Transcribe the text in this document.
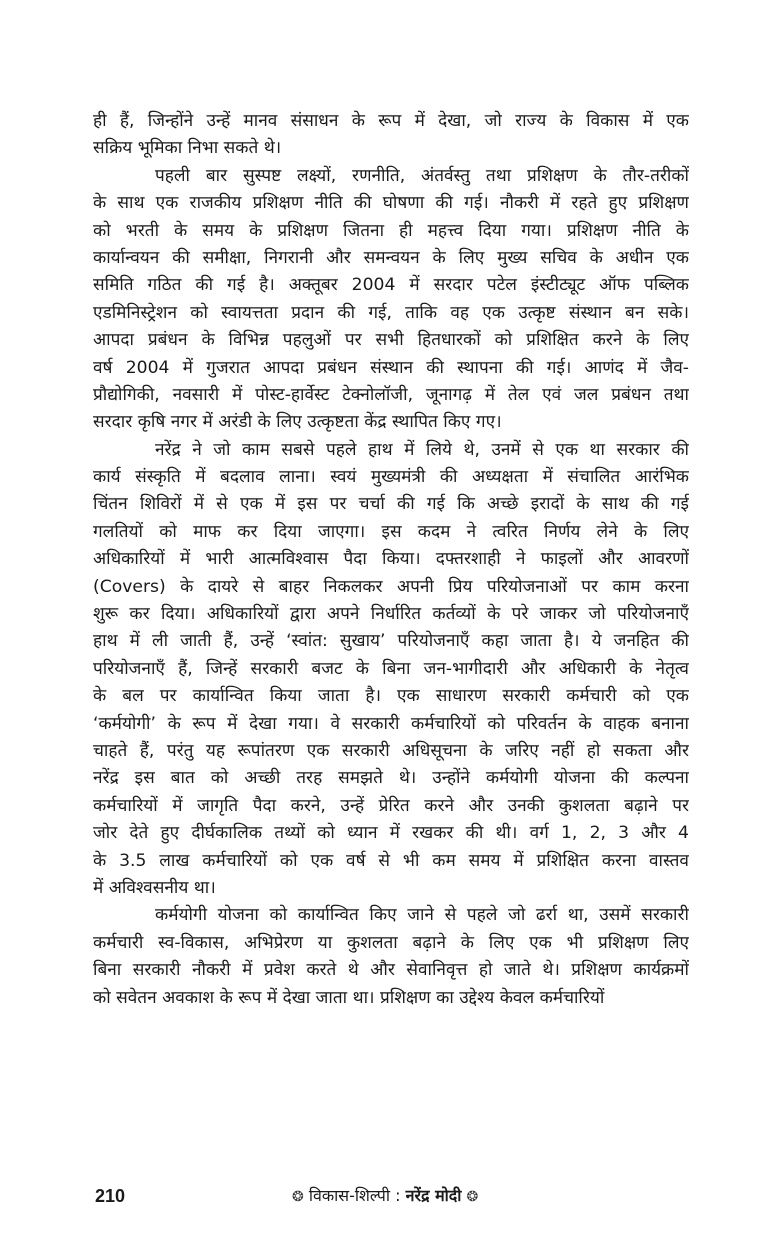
ही हैं, जिन्होंने उन्हें मानव संसाधन के रूप में देखा, जो राज्य के विकास में एक
सक्रिय भूमिका निभा सकते थे।
पहली बार सुस्पष्ट लक्ष्यों, रणनीति, अंतर्वस्तु तथा प्रशिक्षण के तौर-तरीकों
के साथ एक राजकीय प्रशिक्षण नीति की घोषणा की गई। नौकरी में रहते हुए प्रशिक्षण
को भरती के समय के प्रशिक्षण जितना ही महत्त्व दिया गया। प्रशिक्षण नीति के
कार्यान्वयन की समीक्षा, निगरानी और समन्वयन के लिए मुख्य सचिव के अधीन एक
समिति गठित की गई है। अक्तूबर 2004 में सरदार पटेल इंस्टीट्यूट ऑफ पब्लिक
एडमिनिस्ट्रेशन को स्वायत्तता प्रदान की गई, ताकि वह एक उत्कृष्ट संस्थान बन सके।
आपदा प्रबंधन के विभिन्न पहलुओं पर सभी हितधारकों को प्रशिक्षित करने के लिए
वर्ष 2004 में गुजरात आपदा प्रबंधन संस्थान की स्थापना की गई। आणंद में जैव-
प्रौद्योगिकी, नवसारी में पोस्ट-हार्वेस्ट टेक्नोलॉजी, जूनागढ़ में तेल एवं जल प्रबंधन तथा
सरदार कृषि नगर में अरंडी के लिए उत्कृष्टता केंद्र स्थापित किए गए।
नरेंद्र ने जो काम सबसे पहले हाथ में लिये थे, उनमें से एक था सरकार की
कार्य संस्कृति में बदलाव लाना। स्वयं मुख्यमंत्री की अध्यक्षता में संचालित आरंभिक
चिंतन शिविरों में से एक में इस पर चर्चा की गई कि अच्छे इरादों के साथ की गई
गलतियों को माफ कर दिया जाएगा। इस कदम ने त्वरित निर्णय लेने के लिए
अधिकारियों में भारी आत्मविश्वास पैदा किया। दफ्तरशाही ने फाइलों और आवरणों
(Covers) के दायरे से बाहर निकलकर अपनी प्रिय परियोजनाओं पर काम करना
शुरू कर दिया। अधिकारियों द्वारा अपने निर्धारित कर्तव्यों के परे जाकर जो परियोजनाएँ
हाथ में ली जाती हैं, उन्हें ‘स्वांत: सुखाय’ परियोजनाएँ कहा जाता है। ये जनहित की
परियोजनाएँ हैं, जिन्हें सरकारी बजट के बिना जन-भागीदारी और अधिकारी के नेतृत्व
के बल पर कार्यान्वित किया जाता है। एक साधारण सरकारी कर्मचारी को एक
‘कर्मयोगी’ के रूप में देखा गया। वे सरकारी कर्मचारियों को परिवर्तन के वाहक बनाना
चाहते हैं, परंतु यह रूपांतरण एक सरकारी अधिसूचना के जरिए नहीं हो सकता और
नरेंद्र इस बात को अच्छी तरह समझते थे। उन्होंने कर्मयोगी योजना की कल्पना
कर्मचारियों में जागृति पैदा करने, उन्हें प्रेरित करने और उनकी कुशलता बढ़ाने पर
जोर देते हुए दीर्घकालिक तथ्यों को ध्यान में रखकर की थी। वर्ग 1, 2, 3 और 4
के 3.5 लाख कर्मचारियों को एक वर्ष से भी कम समय में प्रशिक्षित करना वास्तव
में अविश्वसनीय था।
कर्मयोगी योजना को कार्यान्वित किए जाने से पहले जो ढर्रा था, उसमें सरकारी
कर्मचारी स्व-विकास, अभिप्रेरण या कुशलता बढ़ाने के लिए एक भी प्रशिक्षण लिए
बिना सरकारी नौकरी में प्रवेश करते थे और सेवानिवृत्त हो जाते थे। प्रशिक्षण कार्यक्रमों
को सवेतन अवकाश के रूप में देखा जाता था। प्रशिक्षण का उद्देश्य केवल कर्मचारियों
210	❂ विकास-शिल्पी : नरेंद्र मोदी ❂
